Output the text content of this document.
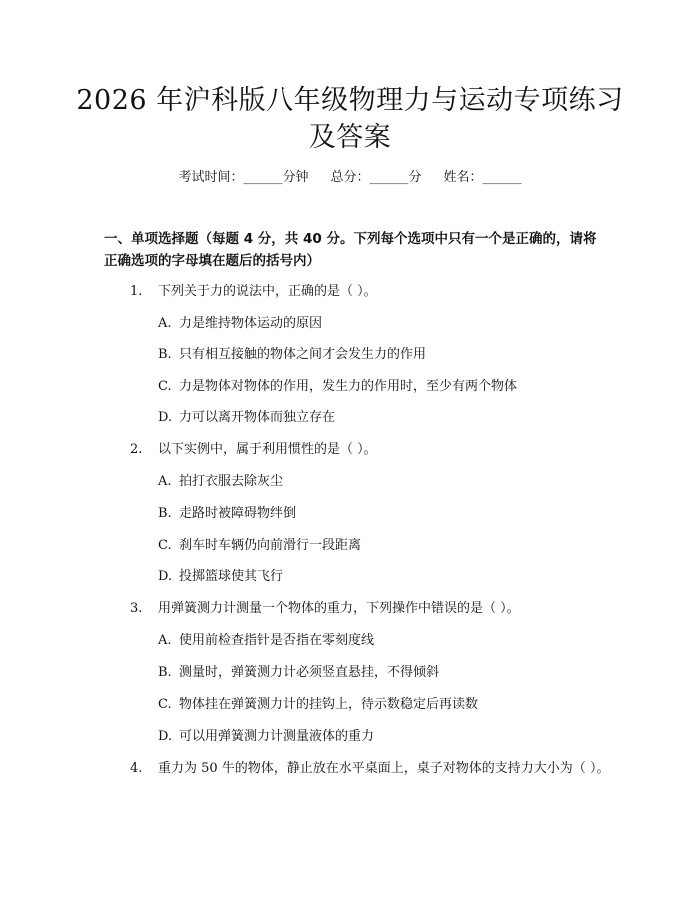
2026 年沪科版八年级物理力与运动专项练习
及答案
考试时间：______分钟 总分：______分 姓名：______
一、单项选择题（每题 4 分，共 40 分。下列每个选项中只有一个是正确的，请将
正确选项的字母填在题后的括号内）
1. 下列关于力的说法中，正确的是（ ）。
A. 力是维持物体运动的原因
B. 只有相互接触的物体之间才会发生力的作用
C. 力是物体对物体的作用，发生力的作用时，至少有两个物体
D. 力可以离开物体而独立存在
2. 以下实例中，属于利用惯性的是（ ）。
A. 拍打衣服去除灰尘
B. 走路时被障碍物绊倒
C. 刹车时车辆仍向前滑行一段距离
D. 投掷篮球使其飞行
3. 用弹簧测力计测量一个物体的重力，下列操作中错误的是（ ）。
A. 使用前检查指针是否指在零刻度线
B. 测量时，弹簧测力计必须竖直悬挂，不得倾斜
C. 物体挂在弹簧测力计的挂钩上，待示数稳定后再读数
D. 可以用弹簧测力计测量液体的重力
4. 重力为 50 牛的物体，静止放在水平桌面上，桌子对物体的支持力大小为（ ）。
